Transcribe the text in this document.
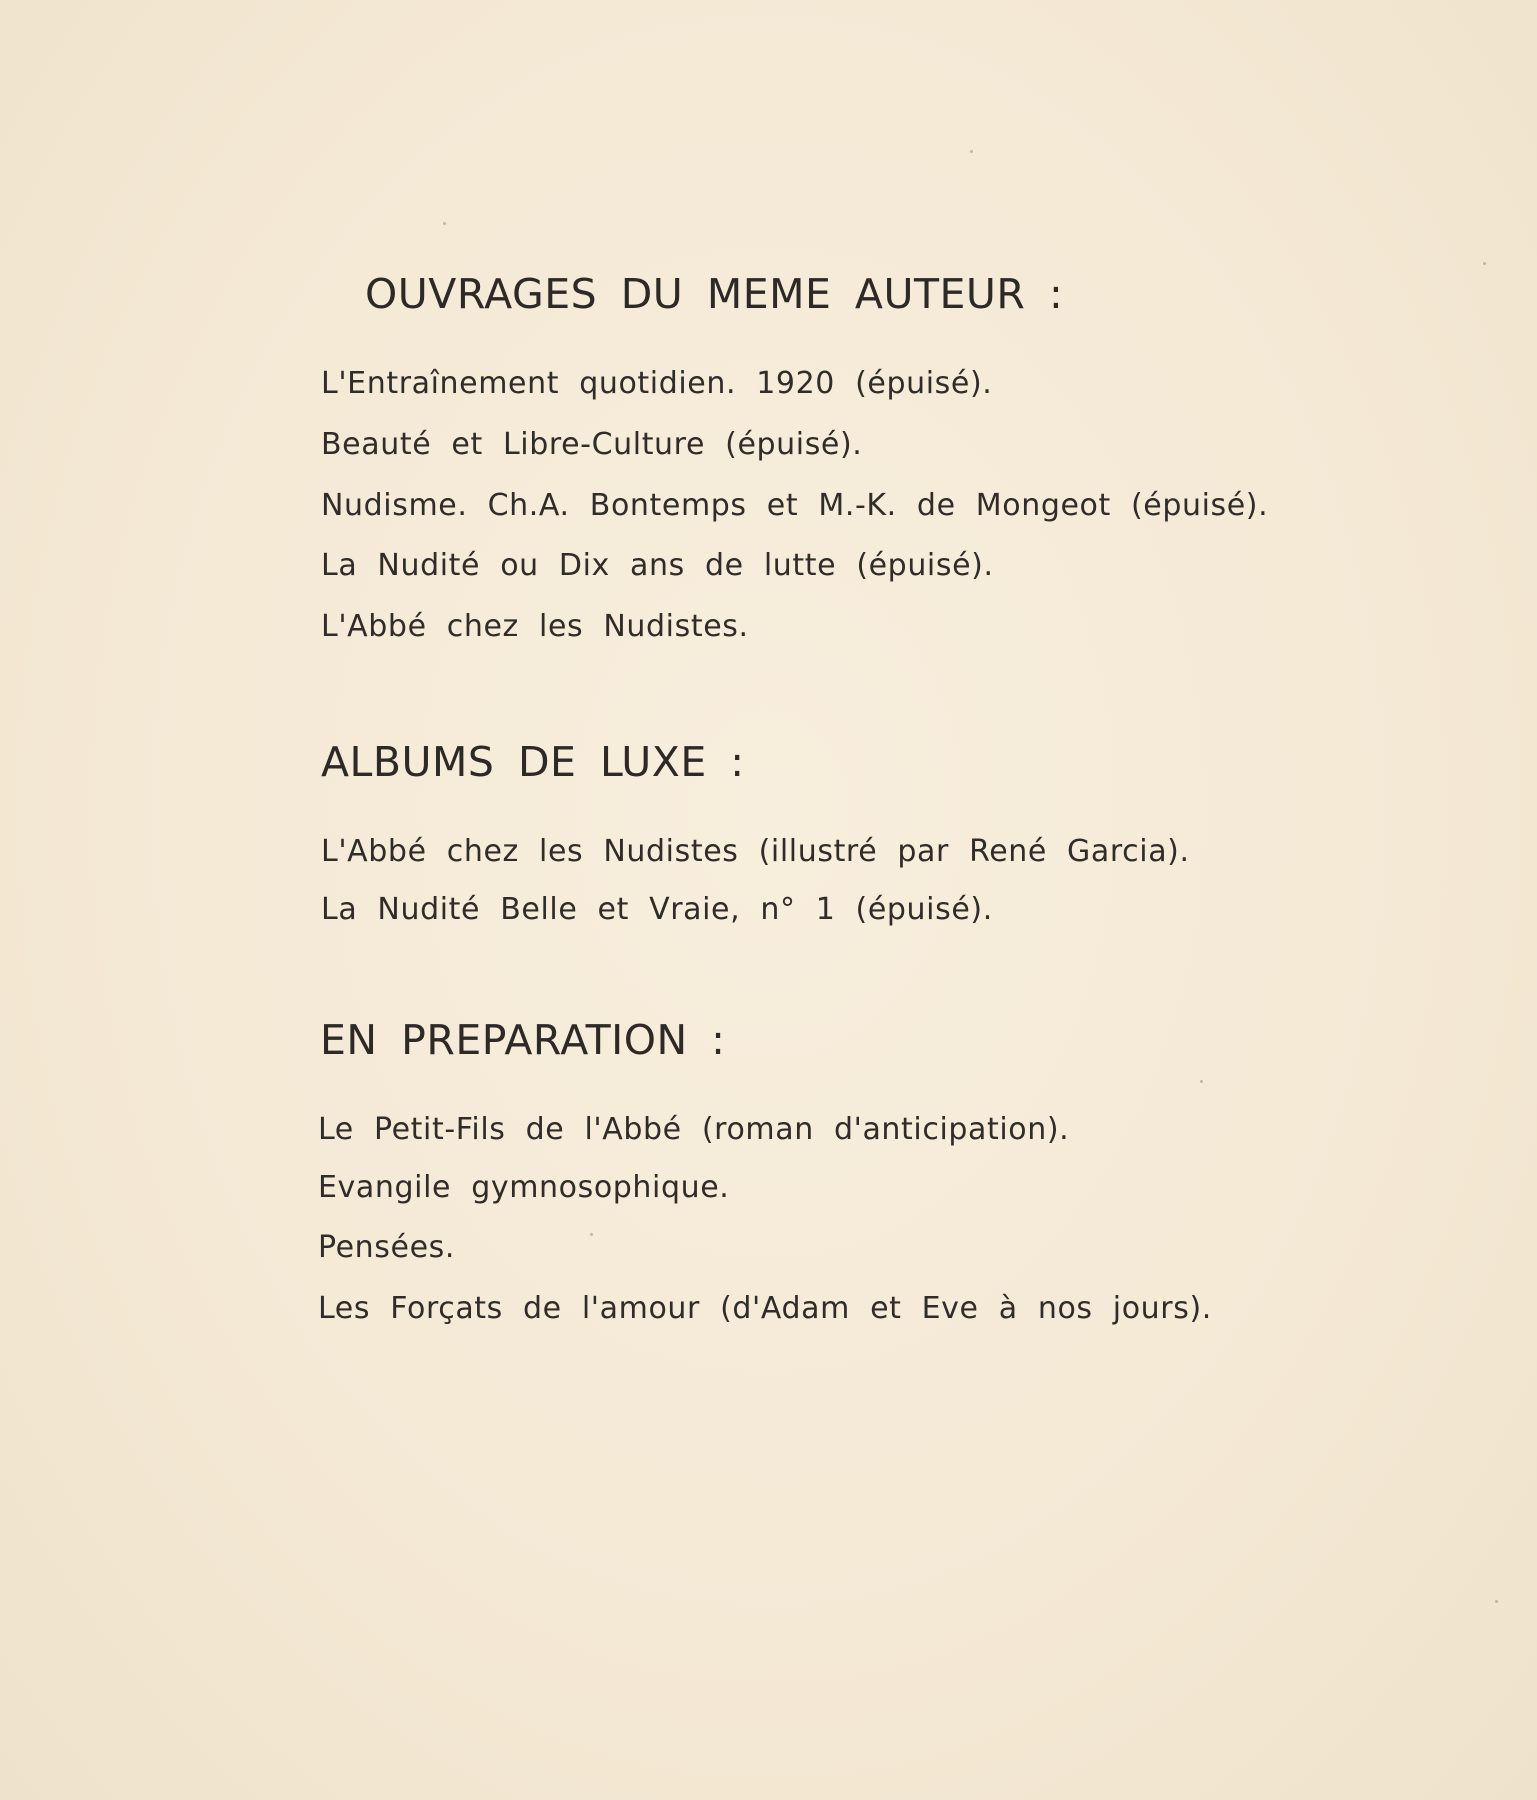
OUVRAGES DU MEME AUTEUR :

L'Entraînement quotidien. 1920 (épuisé).

Beauté et Libre-Culture (épuisé).

Nudisme. Ch.A. Bontemps et M.-K. de Mongeot (épuisé).

La Nudité ou Dix ans de lutte (épuisé).

L'Abbé chez les Nudistes.

ALBUMS DE LUXE :

L'Abbé chez les Nudistes (illustré par René Garcia).

La Nudité Belle et Vraie, n° 1 (épuisé).

EN PREPARATION :

Le Petit-Fils de l'Abbé (roman d'anticipation).

Evangile gymnosophique.

Pensées.

Les Forçats de l'amour (d'Adam et Eve à nos jours).
